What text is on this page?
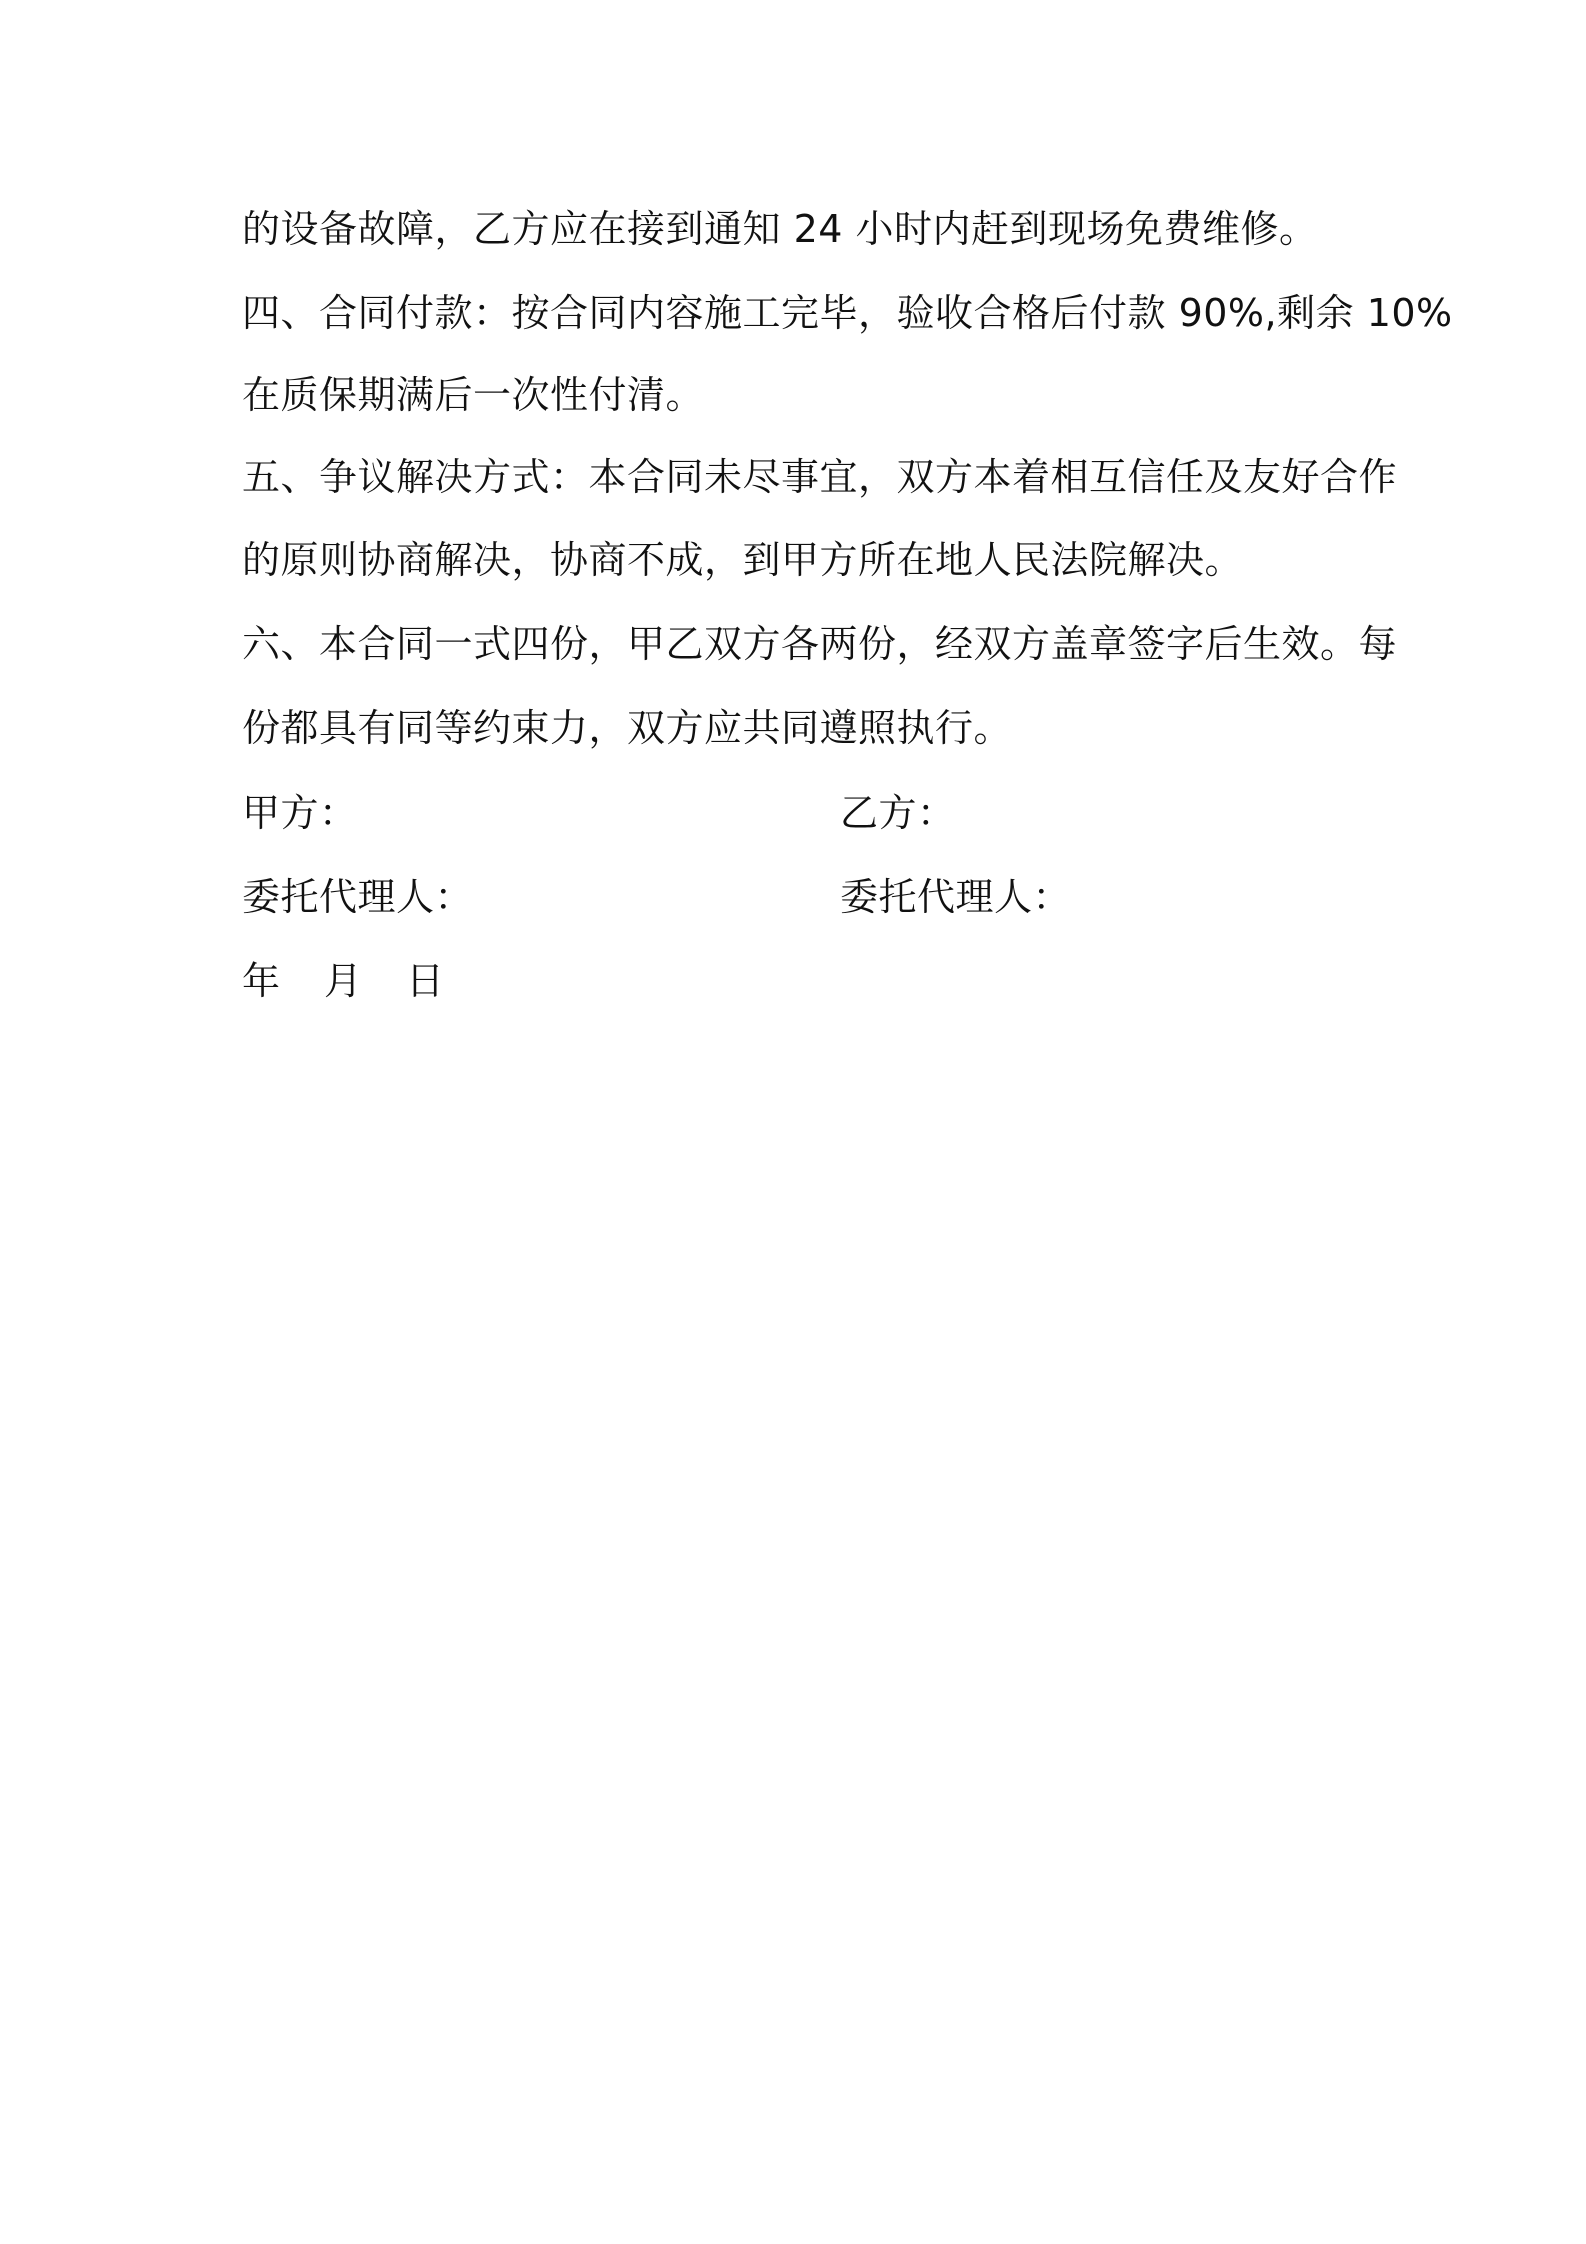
的设备故障，乙方应在接到通知 24 小时内赶到现场免费维修。
四、合同付款：按合同内容施工完毕，验收合格后付款 90%,剩余 10%
在质保期满后一次性付清。
五、争议解决方式：本合同未尽事宜，双方本着相互信任及友好合作
的原则协商解决，协商不成，到甲方所在地人民法院解决。
六、本合同一式四份，甲乙双方各两份，经双方盖章签字后生效。每
份都具有同等约束力，双方应共同遵照执行。
甲方：	乙方：
委托代理人：	委托代理人：
年 月 日
